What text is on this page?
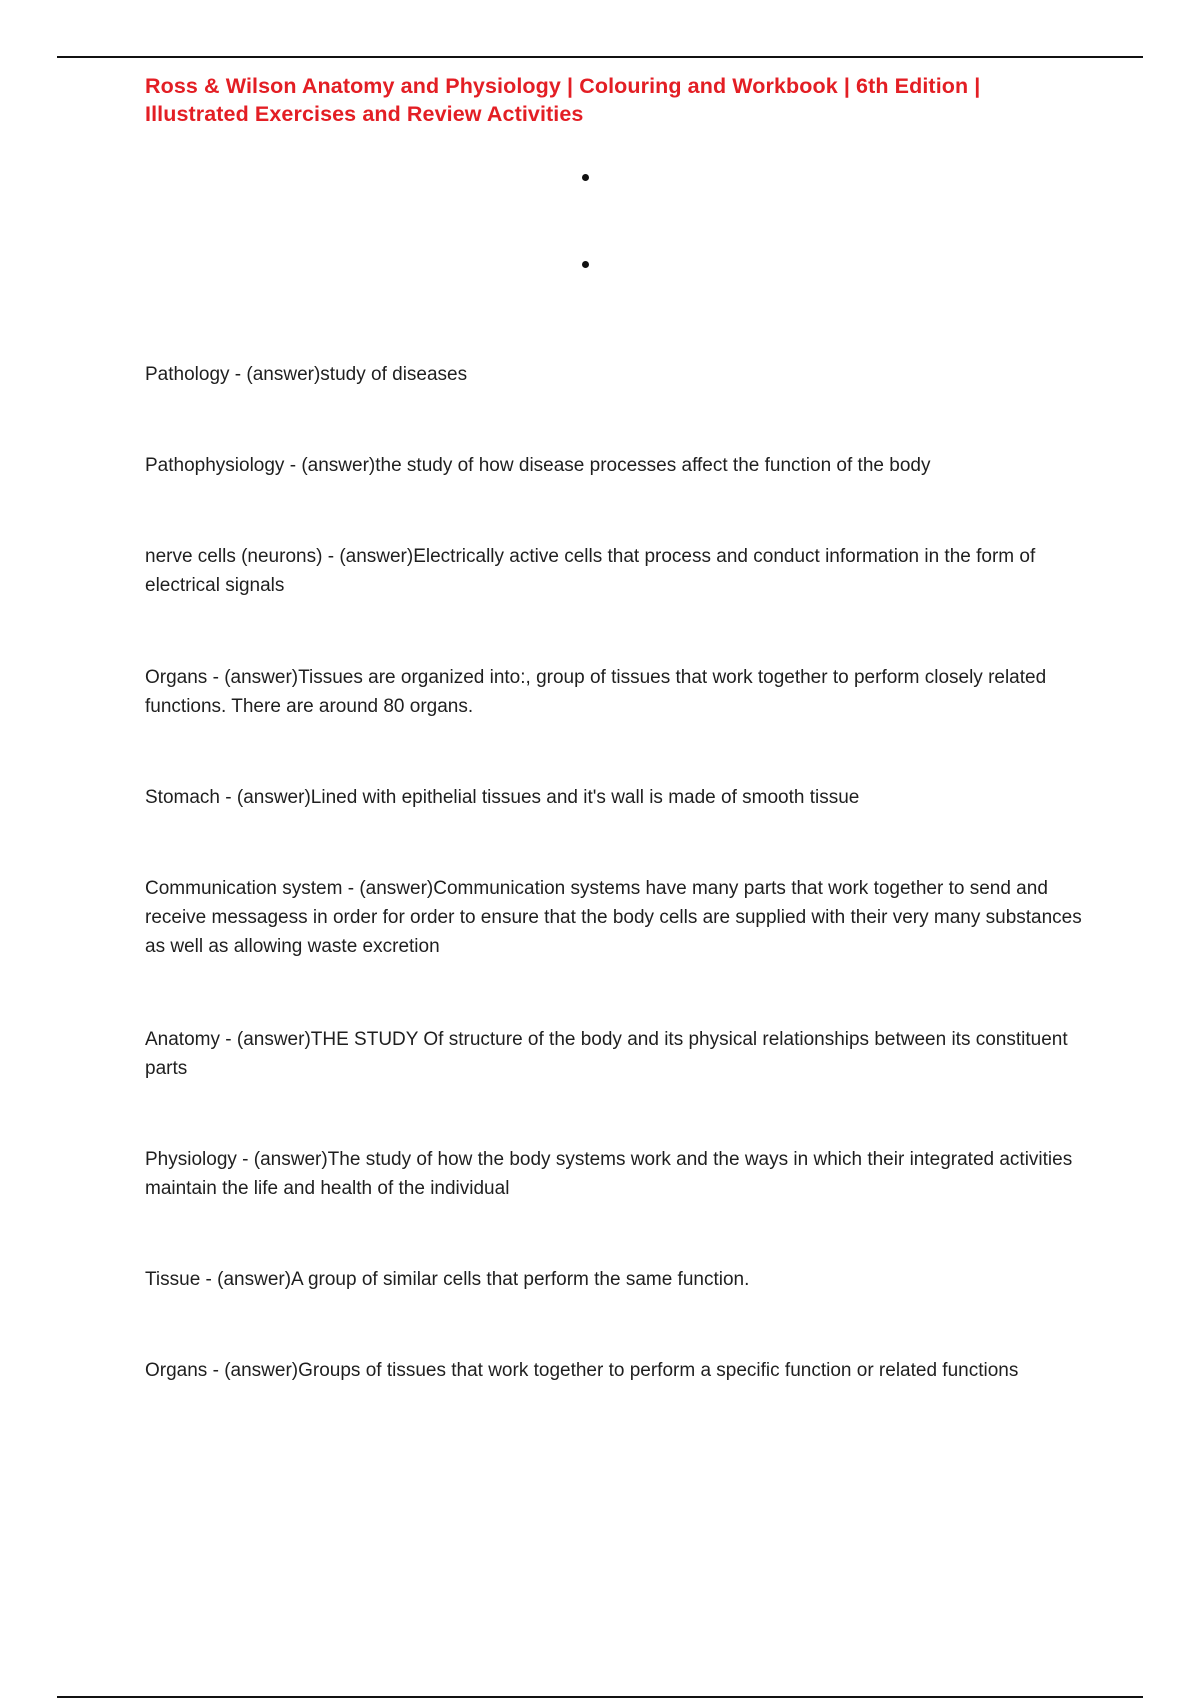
Ross & Wilson Anatomy and Physiology | Colouring and Workbook | 6th Edition | Illustrated Exercises and Review Activities
Pathology - (answer)study of diseases
Pathophysiology - (answer)the study of how disease processes affect the function of the body
nerve cells (neurons) - (answer)Electrically active cells that process and conduct information in the form of electrical signals
Organs - (answer)Tissues are organized into:, group of tissues that work together to perform closely related functions. There are around 80 organs.
Stomach - (answer)Lined with epithelial tissues and it's wall is made of smooth tissue
Communication system - (answer)Communication systems have many parts that work together to send and receive messagess in order for order to ensure that the body cells are supplied with their very many substances as well as allowing waste excretion
Anatomy - (answer)THE STUDY Of structure of the body and its physical relationships between its constituent parts
Physiology - (answer)The study of how the body systems work and the ways in which their integrated activities maintain the life and health of the individual
Tissue - (answer)A group of similar cells that perform the same function.
Organs - (answer)Groups of tissues that work together to perform a specific function or related functions
